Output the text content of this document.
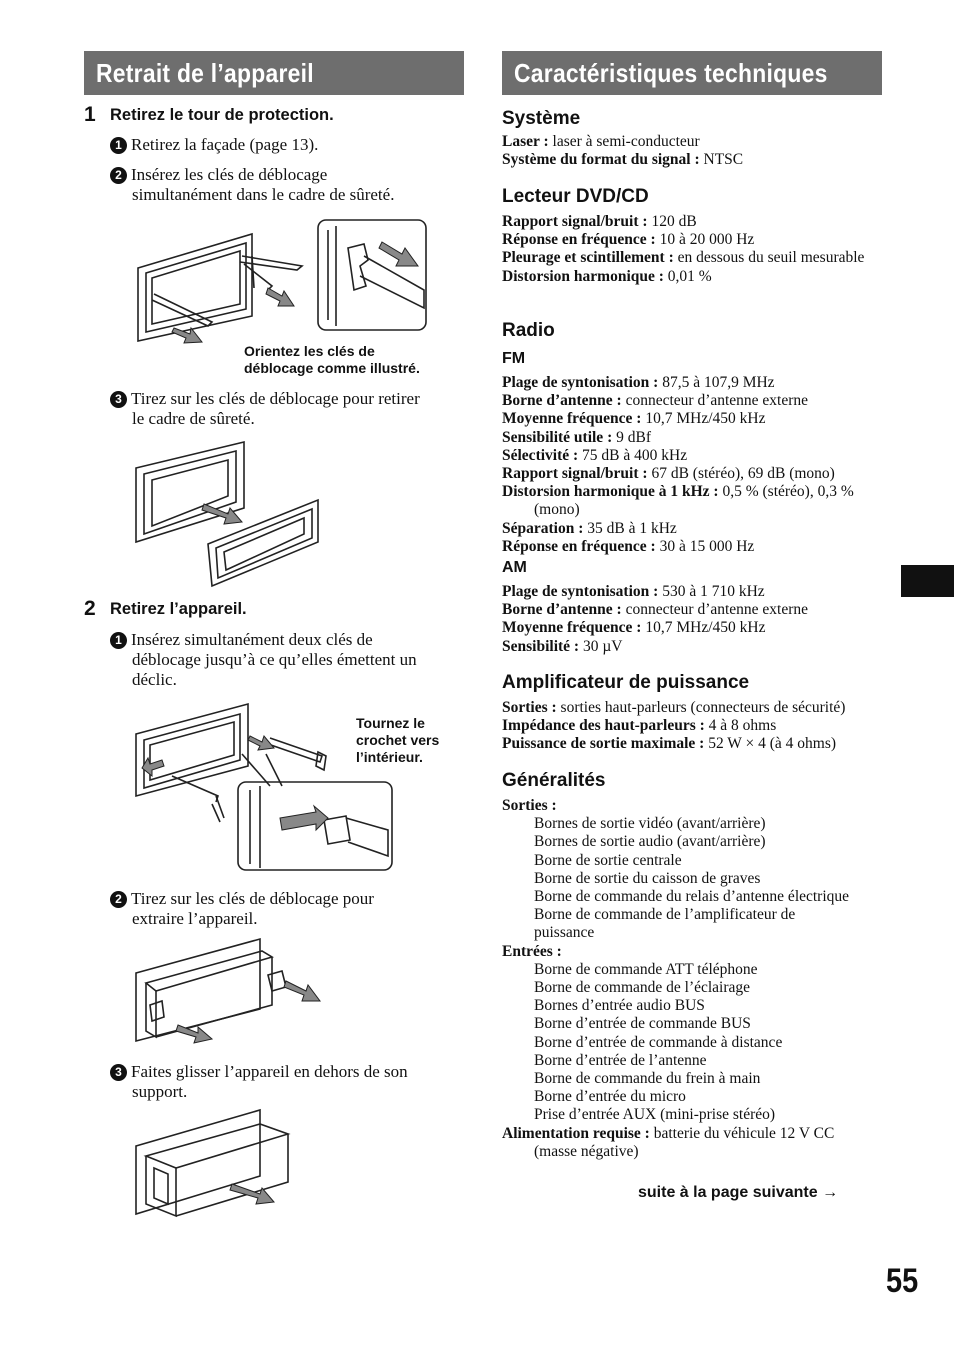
Retrait de l’appareil
1 Retirez le tour de protection.
1 Retirez la façade (page 13).
2 Insérez les clés de déblocage
simultanément dans le cadre de sûreté.
Orientez les clés de
déblocage comme illustré.
3 Tirez sur les clés de déblocage pour retirer
le cadre de sûreté.
2 Retirez l’appareil.
1 Insérez simultanément deux clés de
déblocage jusqu’à ce qu’elles émettent un
déclic.
Tournez le
crochet vers
l’intérieur.
2 Tirez sur les clés de déblocage pour
extraire l’appareil.
3 Faites glisser l’appareil en dehors de son
support.
Caractéristiques techniques
Système
Laser : laser à semi-conducteur
Système du format du signal : NTSC
Lecteur DVD/CD
Rapport signal/bruit : 120 dB
Réponse en fréquence : 10 à 20 000 Hz
Pleurage et scintillement : en dessous du seuil mesurable
Distorsion harmonique : 0,01 %
Radio
FM
Plage de syntonisation : 87,5 à 107,9 MHz
Borne d’antenne : connecteur d’antenne externe
Moyenne fréquence : 10,7 MHz/450 kHz
Sensibilité utile : 9 dBf
Sélectivité : 75 dB à 400 kHz
Rapport signal/bruit : 67 dB (stéréo), 69 dB (mono)
Distorsion harmonique à 1 kHz : 0,5 % (stéréo), 0,3 % (mono)
Séparation : 35 dB à 1 kHz
Réponse en fréquence : 30 à 15 000 Hz
AM
Plage de syntonisation : 530 à 1 710 kHz
Borne d’antenne : connecteur d’antenne externe
Moyenne fréquence : 10,7 MHz/450 kHz
Sensibilité : 30 µV
Amplificateur de puissance
Sorties : sorties haut-parleurs (connecteurs de sécurité)
Impédance des haut-parleurs : 4 à 8 ohms
Puissance de sortie maximale : 52 W × 4 (à 4 ohms)
Généralités
Sorties :
Bornes de sortie vidéo (avant/arrière)
Bornes de sortie audio (avant/arrière)
Borne de sortie centrale
Borne de sortie du caisson de graves
Borne de commande du relais d’antenne électrique
Borne de commande de l’amplificateur de
puissance
Entrées :
Borne de commande ATT téléphone
Borne de commande de l’éclairage
Bornes d’entrée audio BUS
Borne d’entrée de commande BUS
Borne d’entrée de commande à distance
Borne d’entrée de l’antenne
Borne de commande du frein à main
Borne d’entrée du micro
Prise d’entrée AUX (mini-prise stéréo)
Alimentation requise : batterie du véhicule 12 V CC
(masse négative)
suite à la page suivante →
55
